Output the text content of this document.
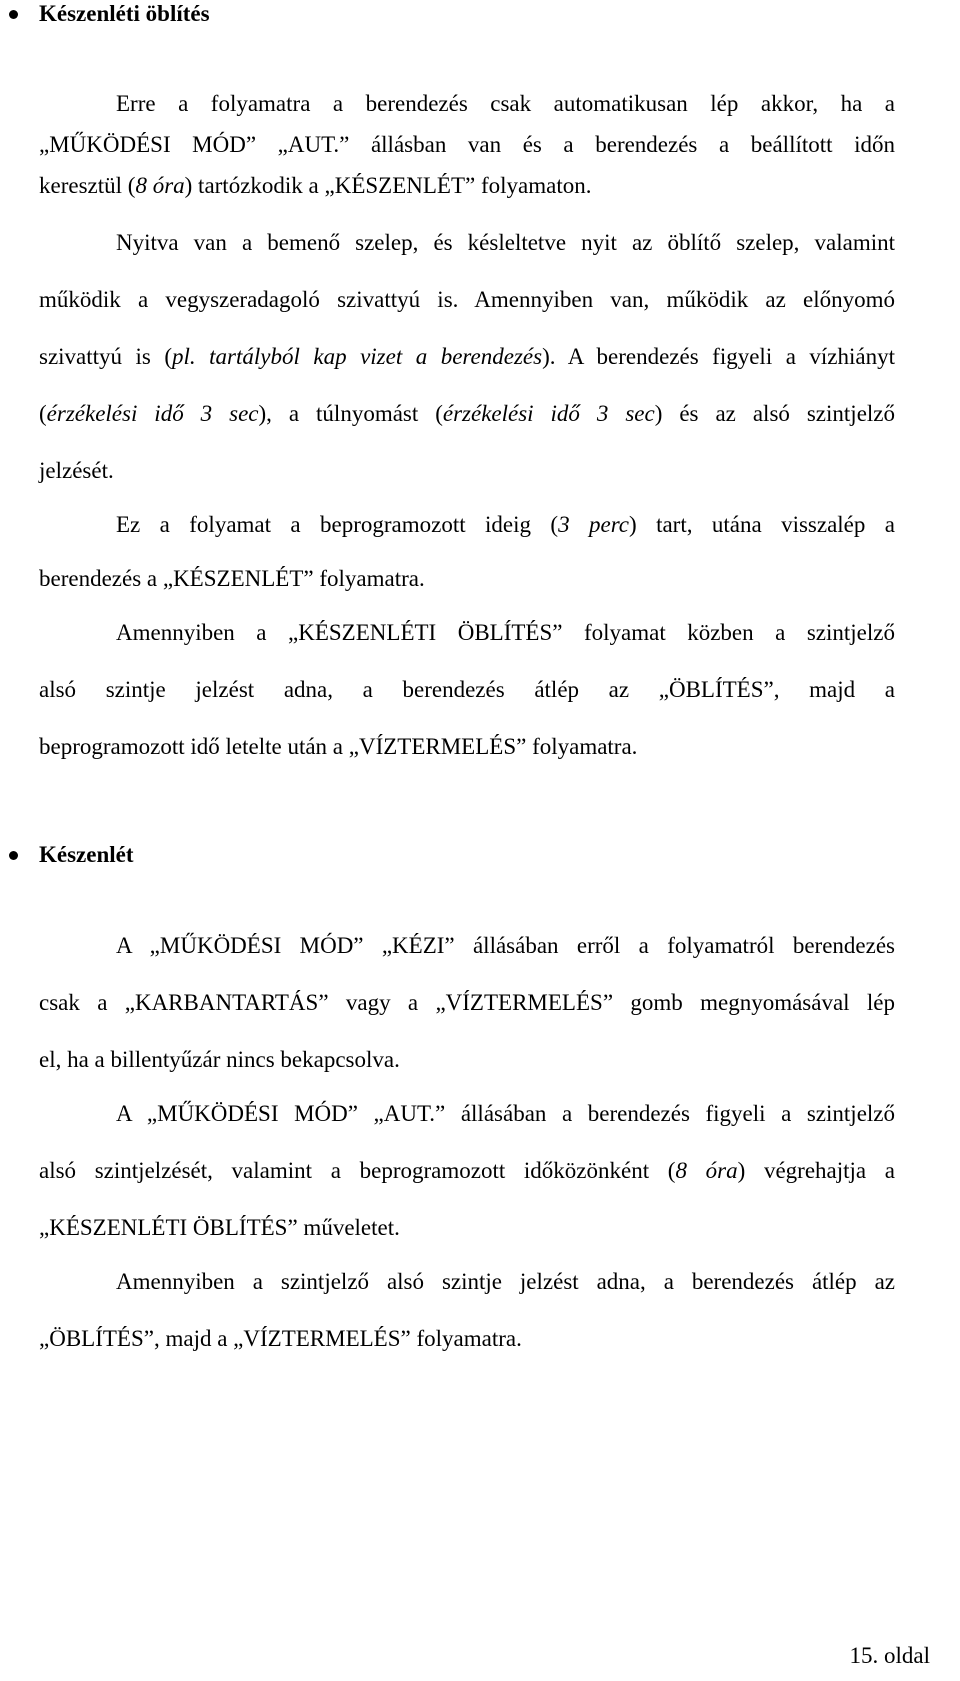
Készenléti öblítés
Erre a folyamatra a berendezés csak automatikusan lép akkor, ha a
„MŰKÖDÉSI MÓD” „AUT.” állásban van és a berendezés a beállított időn
keresztül (8 óra) tartózkodik a „KÉSZENLÉT” folyamaton.
Nyitva van a bemenő szelep, és késleltetve nyit az öblítő szelep, valamint
működik a vegyszeradagoló szivattyú is. Amennyiben van, működik az előnyomó
szivattyú is (pl. tartályból kap vizet a berendezés). A berendezés figyeli a vízhiányt
(érzékelési idő 3 sec), a túlnyomást (érzékelési idő 3 sec) és az alsó szintjelző
jelzését.
Ez a folyamat a beprogramozott ideig (3 perc) tart, utána visszalép a
berendezés a „KÉSZENLÉT” folyamatra.
Amennyiben a „KÉSZENLÉTI ÖBLÍTÉS” folyamat közben a szintjelző
alsó szintje jelzést adna, a berendezés átlép az „ÖBLÍTÉS”, majd a
beprogramozott idő letelte után a „VÍZTERMELÉS” folyamatra.
Készenlét
A „MŰKÖDÉSI MÓD” „KÉZI” állásában erről a folyamatról berendezés
csak a „KARBANTARTÁS” vagy a „VÍZTERMELÉS” gomb megnyomásával lép
el, ha a billentyűzár nincs bekapcsolva.
A „MŰKÖDÉSI MÓD” „AUT.” állásában a berendezés figyeli a szintjelző
alsó szintjelzését, valamint a beprogramozott időközönként (8 óra) végrehajtja a
„KÉSZENLÉTI ÖBLÍTÉS” műveletet.
Amennyiben a szintjelző alsó szintje jelzést adna, a berendezés átlép az
„ÖBLÍTÉS”, majd a „VÍZTERMELÉS” folyamatra.
15. oldal
